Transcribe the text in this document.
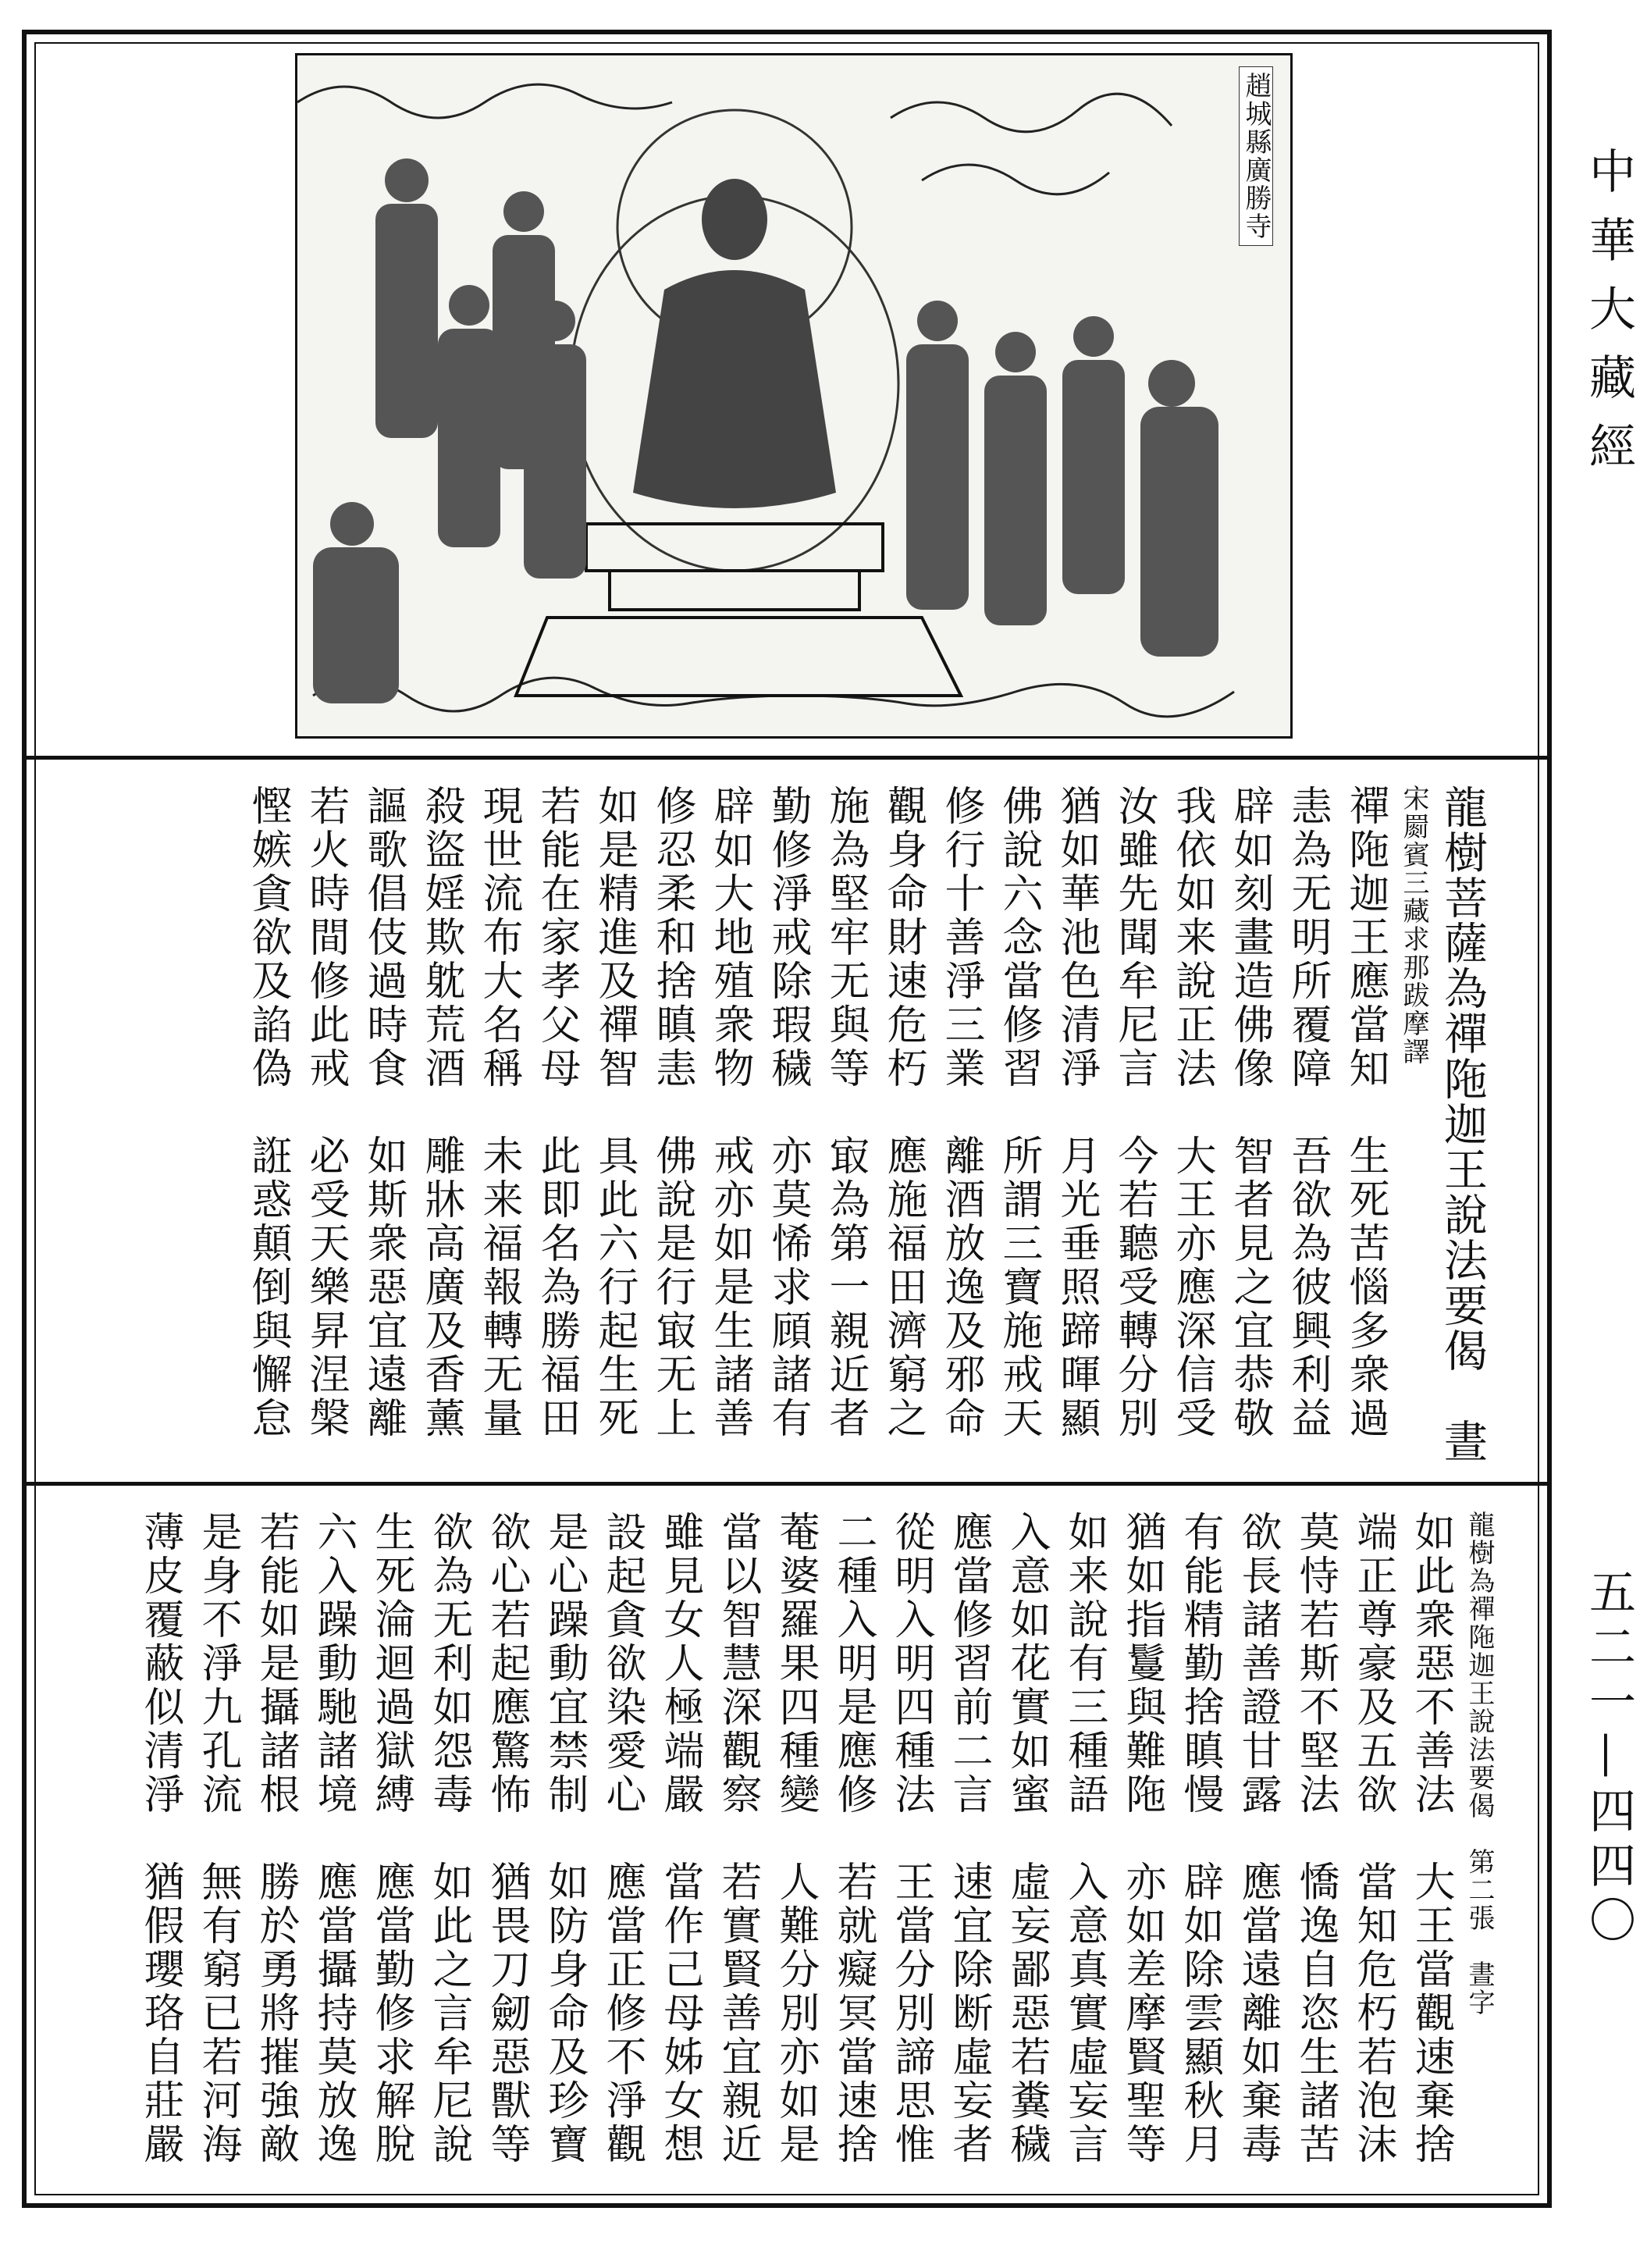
趙城縣廣勝寺	中華大藏經
五二一—四四〇
龍樹菩薩為禪陁迦王說法要偈　晝
宋罽賓三藏求那跋摩譯
禪陁迦王應當知　生死苦惱多衆過
恚為无明所覆障　吾欲為彼興利益
辟如刻畫造佛像　智者見之宜恭敬
我依如来說正法　大王亦應深信受
汝雖先聞牟尼言　今若聽受轉分別
猶如華池色清淨　月光垂照蹄暉顯
佛說六念當修習　所謂三寶施戒天
修行十善淨三業　離酒放逸及邪命
觀身命財速危朽　應施福田濟窮之
施為堅牢无與等　㝡為第一親近者
勤修淨戒除瑕穢　亦莫悕求頋諸有
辟如大地殖衆物　戒亦如是生諸善
修忍柔和捨瞋恚　佛說是行㝡无上
如是精進及禪智　具此六行起生死
若能在家孝父母　此即名為勝福田
現世流布大名稱　未来福報轉无量
殺盜婬欺躭荒酒　雕牀高廣及香薰
謳歌倡伎過時食　如斯衆惡宜遠離
若火時間修此戒　必受天樂昇涅槃
慳嫉貪欲及諂偽　誑惑顛倒與懈怠
龍樹為禪陁迦王說法要偈　第二張　晝字
如此衆惡不善法　大王當觀速棄捨
端正尊豪及五欲　當知危朽若泡沫
莫恃若斯不堅法　憍逸自恣生諸苦
欲長諸善證甘露　應當遠離如棄毒
有能精勤捨瞋慢　辟如除雲顯秋月
猶如指鬘與難陁　亦如差摩賢聖等
如来說有三種語　入意真實虛妄言
入意如花實如蜜　虛妄鄙惡若糞穢
應當修習前二言　速宜除断虛妄者
從明入明四種法　王當分別諦思惟
二種入明是應修　若就癡冥當速捨
菴婆羅果四種變　人難分別亦如是
當以智慧深觀察　若實賢善宜親近
雖見女人極端嚴　當作己母姊女想
設起貪欲染愛心　應當正修不淨觀
是心躁動宜禁制　如防身命及珍寶
欲心若起應驚怖　猶畏刀劒惡獸等
欲為无利如怨毒　如此之言牟尼說
生死淪迴過獄縛　應當勤修求解脫
六入躁動馳諸境　應當攝持莫放逸
若能如是攝諸根　勝於勇將摧強敵
是身不淨九孔流　無有窮已若河海
薄皮覆蔽似清淨　猶假瓔珞自莊嚴
